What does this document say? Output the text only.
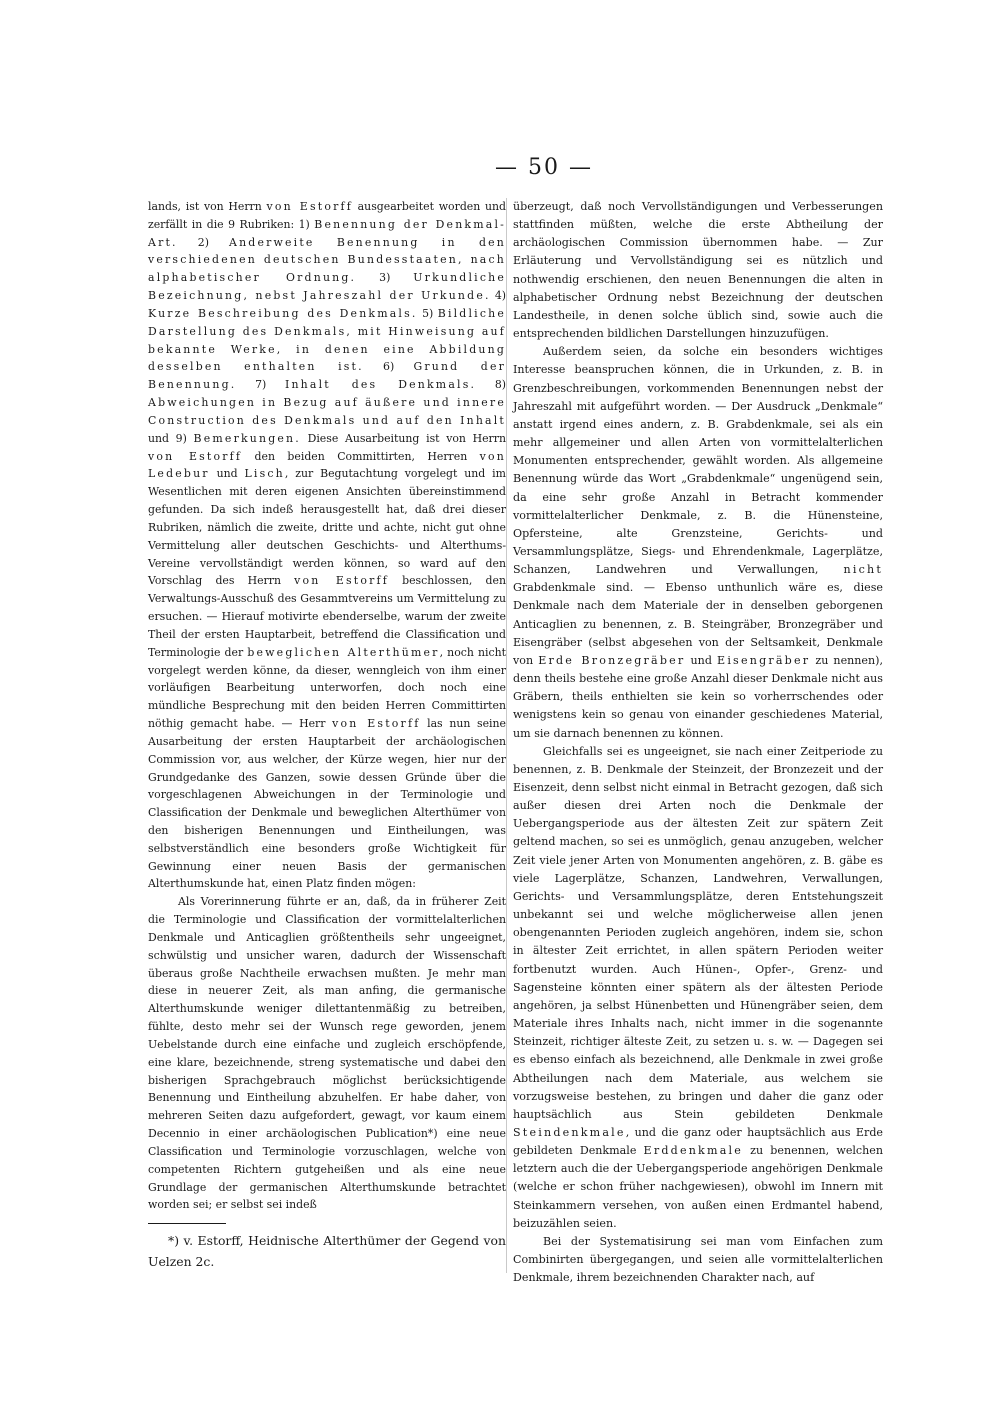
— 50 —

lands, ist von Herrn von Estorff ausgearbeitet worden und zerfällt in die 9 Rubriken: 1) Benennung der Denkmal-Art. 2) Anderweite Benennung in den verschiedenen deutschen Bundesstaaten, nach alphabetischer Ordnung. 3) Urkundliche Bezeichnung, nebst Jahreszahl der Urkunde. 4) Kurze Beschreibung des Denkmals. 5) Bildliche Darstellung des Denkmals, mit Hinweisung auf bekannte Werke, in denen eine Abbildung desselben enthalten ist. 6) Grund der Benennung. 7) Inhalt des Denkmals. 8) Abweichungen in Bezug auf äußere und innere Construction des Denkmals und auf den Inhalt und 9) Bemerkungen. Diese Ausarbeitung ist von Herrn von Estorff den beiden Committirten, Herren von Ledebur und Lisch, zur Begutachtung vorgelegt und im Wesentlichen mit deren eigenen Ansichten übereinstimmend gefunden. Da sich indeß herausgestellt hat, daß drei dieser Rubriken, nämlich die zweite, dritte und achte, nicht gut ohne Vermittelung aller deutschen Geschichts- und Alterthums-Vereine vervollständigt werden können, so ward auf den Vorschlag des Herrn von Estorff beschlossen, den Verwaltungs-Ausschuß des Gesammtvereins um Vermittelung zu ersuchen. — Hierauf motivirte ebenderselbe, warum der zweite Theil der ersten Hauptarbeit, betreffend die Classification und Terminologie der beweglichen Alterthümer, noch nicht vorgelegt werden könne, da dieser, wenngleich von ihm einer vorläufigen Bearbeitung unterworfen, doch noch eine mündliche Besprechung mit den beiden Herren Committirten nöthig gemacht habe. — Herr von Estorff las nun seine Ausarbeitung der ersten Hauptarbeit der archäologischen Commission vor, aus welcher, der Kürze wegen, hier nur der Grundgedanke des Ganzen, sowie dessen Gründe über die vorgeschlagenen Abweichungen in der Terminologie und Classification der Denkmale und beweglichen Alterthümer von den bisherigen Benennungen und Eintheilungen, was selbstverständlich eine besonders große Wichtigkeit für Gewinnung einer neuen Basis der germanischen Alterthumskunde hat, einen Platz finden mögen:

Als Vorerinnerung führte er an, daß, da in früherer Zeit die Terminologie und Classification der vormittelalterlichen Denkmale und Anticaglien größtentheils sehr ungeeignet, schwülstig und unsicher waren, dadurch der Wissenschaft überaus große Nachtheile erwachsen mußten. Je mehr man diese in neuerer Zeit, als man anfing, die germanische Alterthumskunde weniger dilettantenmäßig zu betreiben, fühlte, desto mehr sei der Wunsch rege geworden, jenem Uebelstande durch eine einfache und zugleich erschöpfende, eine klare, bezeichnende, streng systematische und dabei den bisherigen Sprachgebrauch möglichst berücksichtigende Benennung und Eintheilung abzuhelfen. Er habe daher, von mehreren Seiten dazu aufgefordert, gewagt, vor kaum einem Decennio in einer archäologischen Publication*) eine neue Classification und Terminologie vorzuschlagen, welche von competenten Richtern gutgeheißen und als eine neue Grundlage der germanischen Alterthumskunde betrachtet worden sei; er selbst sei indeß

*) v. Estorff, Heidnische Alterthümer der Gegend von Uelzen 2c.

überzeugt, daß noch Vervollständigungen und Verbesserungen stattfinden müßten, welche die erste Abtheilung der archäologischen Commission übernommen habe. — Zur Erläuterung und Vervollständigung sei es nützlich und nothwendig erschienen, den neuen Benennungen die alten in alphabetischer Ordnung nebst Bezeichnung der deutschen Landestheile, in denen solche üblich sind, sowie auch die entsprechenden bildlichen Darstellungen hinzuzufügen.

Außerdem seien, da solche ein besonders wichtiges Interesse beanspruchen können, die in Urkunden, z. B. in Grenzbeschreibungen, vorkommenden Benennungen nebst der Jahreszahl mit aufgeführt worden. — Der Ausdruck „Denkmale“ anstatt irgend eines andern, z. B. Grabdenkmale, sei als ein mehr allgemeiner und allen Arten von vormittelalterlichen Monumenten entsprechender, gewählt worden. Als allgemeine Benennung würde das Wort „Grabdenkmale“ ungenügend sein, da eine sehr große Anzahl in Betracht kommender vormittelalterlicher Denkmale, z. B. die Hünensteine, Opfersteine, alte Grenzsteine, Gerichts- und Versammlungsplätze, Siegs- und Ehrendenkmale, Lagerplätze, Schanzen, Landwehren und Verwallungen, nicht Grabdenkmale sind. — Ebenso unthunlich wäre es, diese Denkmale nach dem Materiale der in denselben geborgenen Anticaglien zu benennen, z. B. Steingräber, Bronzegräber und Eisengräber (selbst abgesehen von der Seltsamkeit, Denkmale von Erde Bronzegräber und Eisengräber zu nennen), denn theils bestehe eine große Anzahl dieser Denkmale nicht aus Gräbern, theils enthielten sie kein so vorherrschendes oder wenigstens kein so genau von einander geschiedenes Material, um sie darnach benennen zu können.

Gleichfalls sei es ungeeignet, sie nach einer Zeitperiode zu benennen, z. B. Denkmale der Steinzeit, der Bronzezeit und der Eisenzeit, denn selbst nicht einmal in Betracht gezogen, daß sich außer diesen drei Arten noch die Denkmale der Uebergangsperiode aus der ältesten Zeit zur spätern Zeit geltend machen, so sei es unmöglich, genau anzugeben, welcher Zeit viele jener Arten von Monumenten angehören, z. B. gäbe es viele Lagerplätze, Schanzen, Landwehren, Verwallungen, Gerichts- und Versammlungsplätze, deren Entstehungszeit unbekannt sei und welche möglicherweise allen jenen obengenannten Perioden zugleich angehören, indem sie, schon in ältester Zeit errichtet, in allen spätern Perioden weiter fortbenutzt wurden. Auch Hünen-, Opfer-, Grenz- und Sagensteine könnten einer spätern als der ältesten Periode angehören, ja selbst Hünenbetten und Hünengräber seien, dem Materiale ihres Inhalts nach, nicht immer in die sogenannte Steinzeit, richtiger älteste Zeit, zu setzen u. s. w. — Dagegen sei es ebenso einfach als bezeichnend, alle Denkmale in zwei große Abtheilungen nach dem Materiale, aus welchem sie vorzugsweise bestehen, zu bringen und daher die ganz oder hauptsächlich aus Stein gebildeten Denkmale Steindenkmale, und die ganz oder hauptsächlich aus Erde gebildeten Denkmale Erddenkmale zu benennen, welchen letztern auch die der Uebergangsperiode angehörigen Denkmale (welche er schon früher nachgewiesen), obwohl im Innern mit Steinkammern versehen, von außen einen Erdmantel habend, beizuzählen seien.

Bei der Systematisirung sei man vom Einfachen zum Combinirten übergegangen, und seien alle vormittelalterlichen Denkmale, ihrem bezeichnenden Charakter nach, auf
